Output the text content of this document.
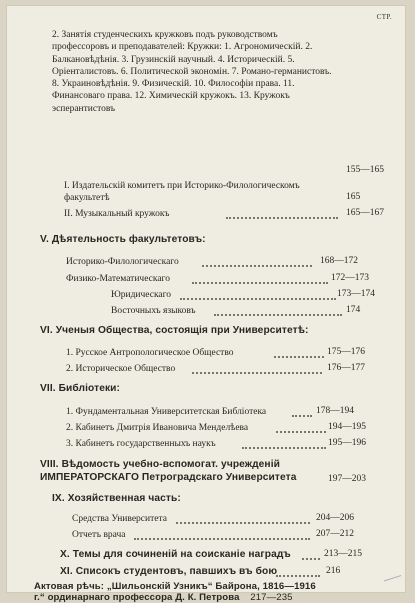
СТР.
2. Занятія студенческихъ кружковъ подъ руководствомъ профессоровъ и преподавателей: Кружки: 1. Агрономическій. 2. Балкановѣдѣнія. 3. Грузинскій научный. 4. Историческій. 5. Оріенталистовъ. 6. Политической экономін. 7. Романо-германистовъ. 8. Украиновѣдѣнія. 9. Физическій. 10. Философіи права. 11. Финансоваго права. 12. Химическій кружокъ. 13. Кружокъ эсперантистовъ
155—165
I. Издательскій комитетъ при Историко-Филологическомъ факультетѣ	165
II. Музыкальный кружокъ	165—167
V. Дѣятельность факультетовъ:
Историко-Филологическаго	168—172
Физико-Математическаго	172—173
Юридическаго	173—174
Восточныхъ языковъ	174
VI. Ученыя Общества, состоящія при Университетѣ:
1. Русское Антропологическое Общество	175—176
2. Историческое Общество	176—177
VII. Библіотеки:
1. Фундаментальная Университетская Библіотека	178—194
2. Кабинетъ Дмитрія Ивановича Менделѣева	194—195
3. Кабинетъ государственныхъ наукъ	195—196
VIII. Вѣдомость учебно-вспомогат. учрежденій ИМПЕРАТОРСКАГО Петроградскаго Университета	197—203
IX. Хозяйственная часть:
Средства Университета	204—206
Отчетъ врача	207—212
X. Темы для сочиненій на соисканіе наградъ	213—215
XI. Списокъ студентовъ, павшихъ въ бою	216
Актовая рѣчь: „Шильонскій Узникъ“ Байрона, 1816—1916 г.“ ординарнаго профессора Д. К. Петрова 217—235
